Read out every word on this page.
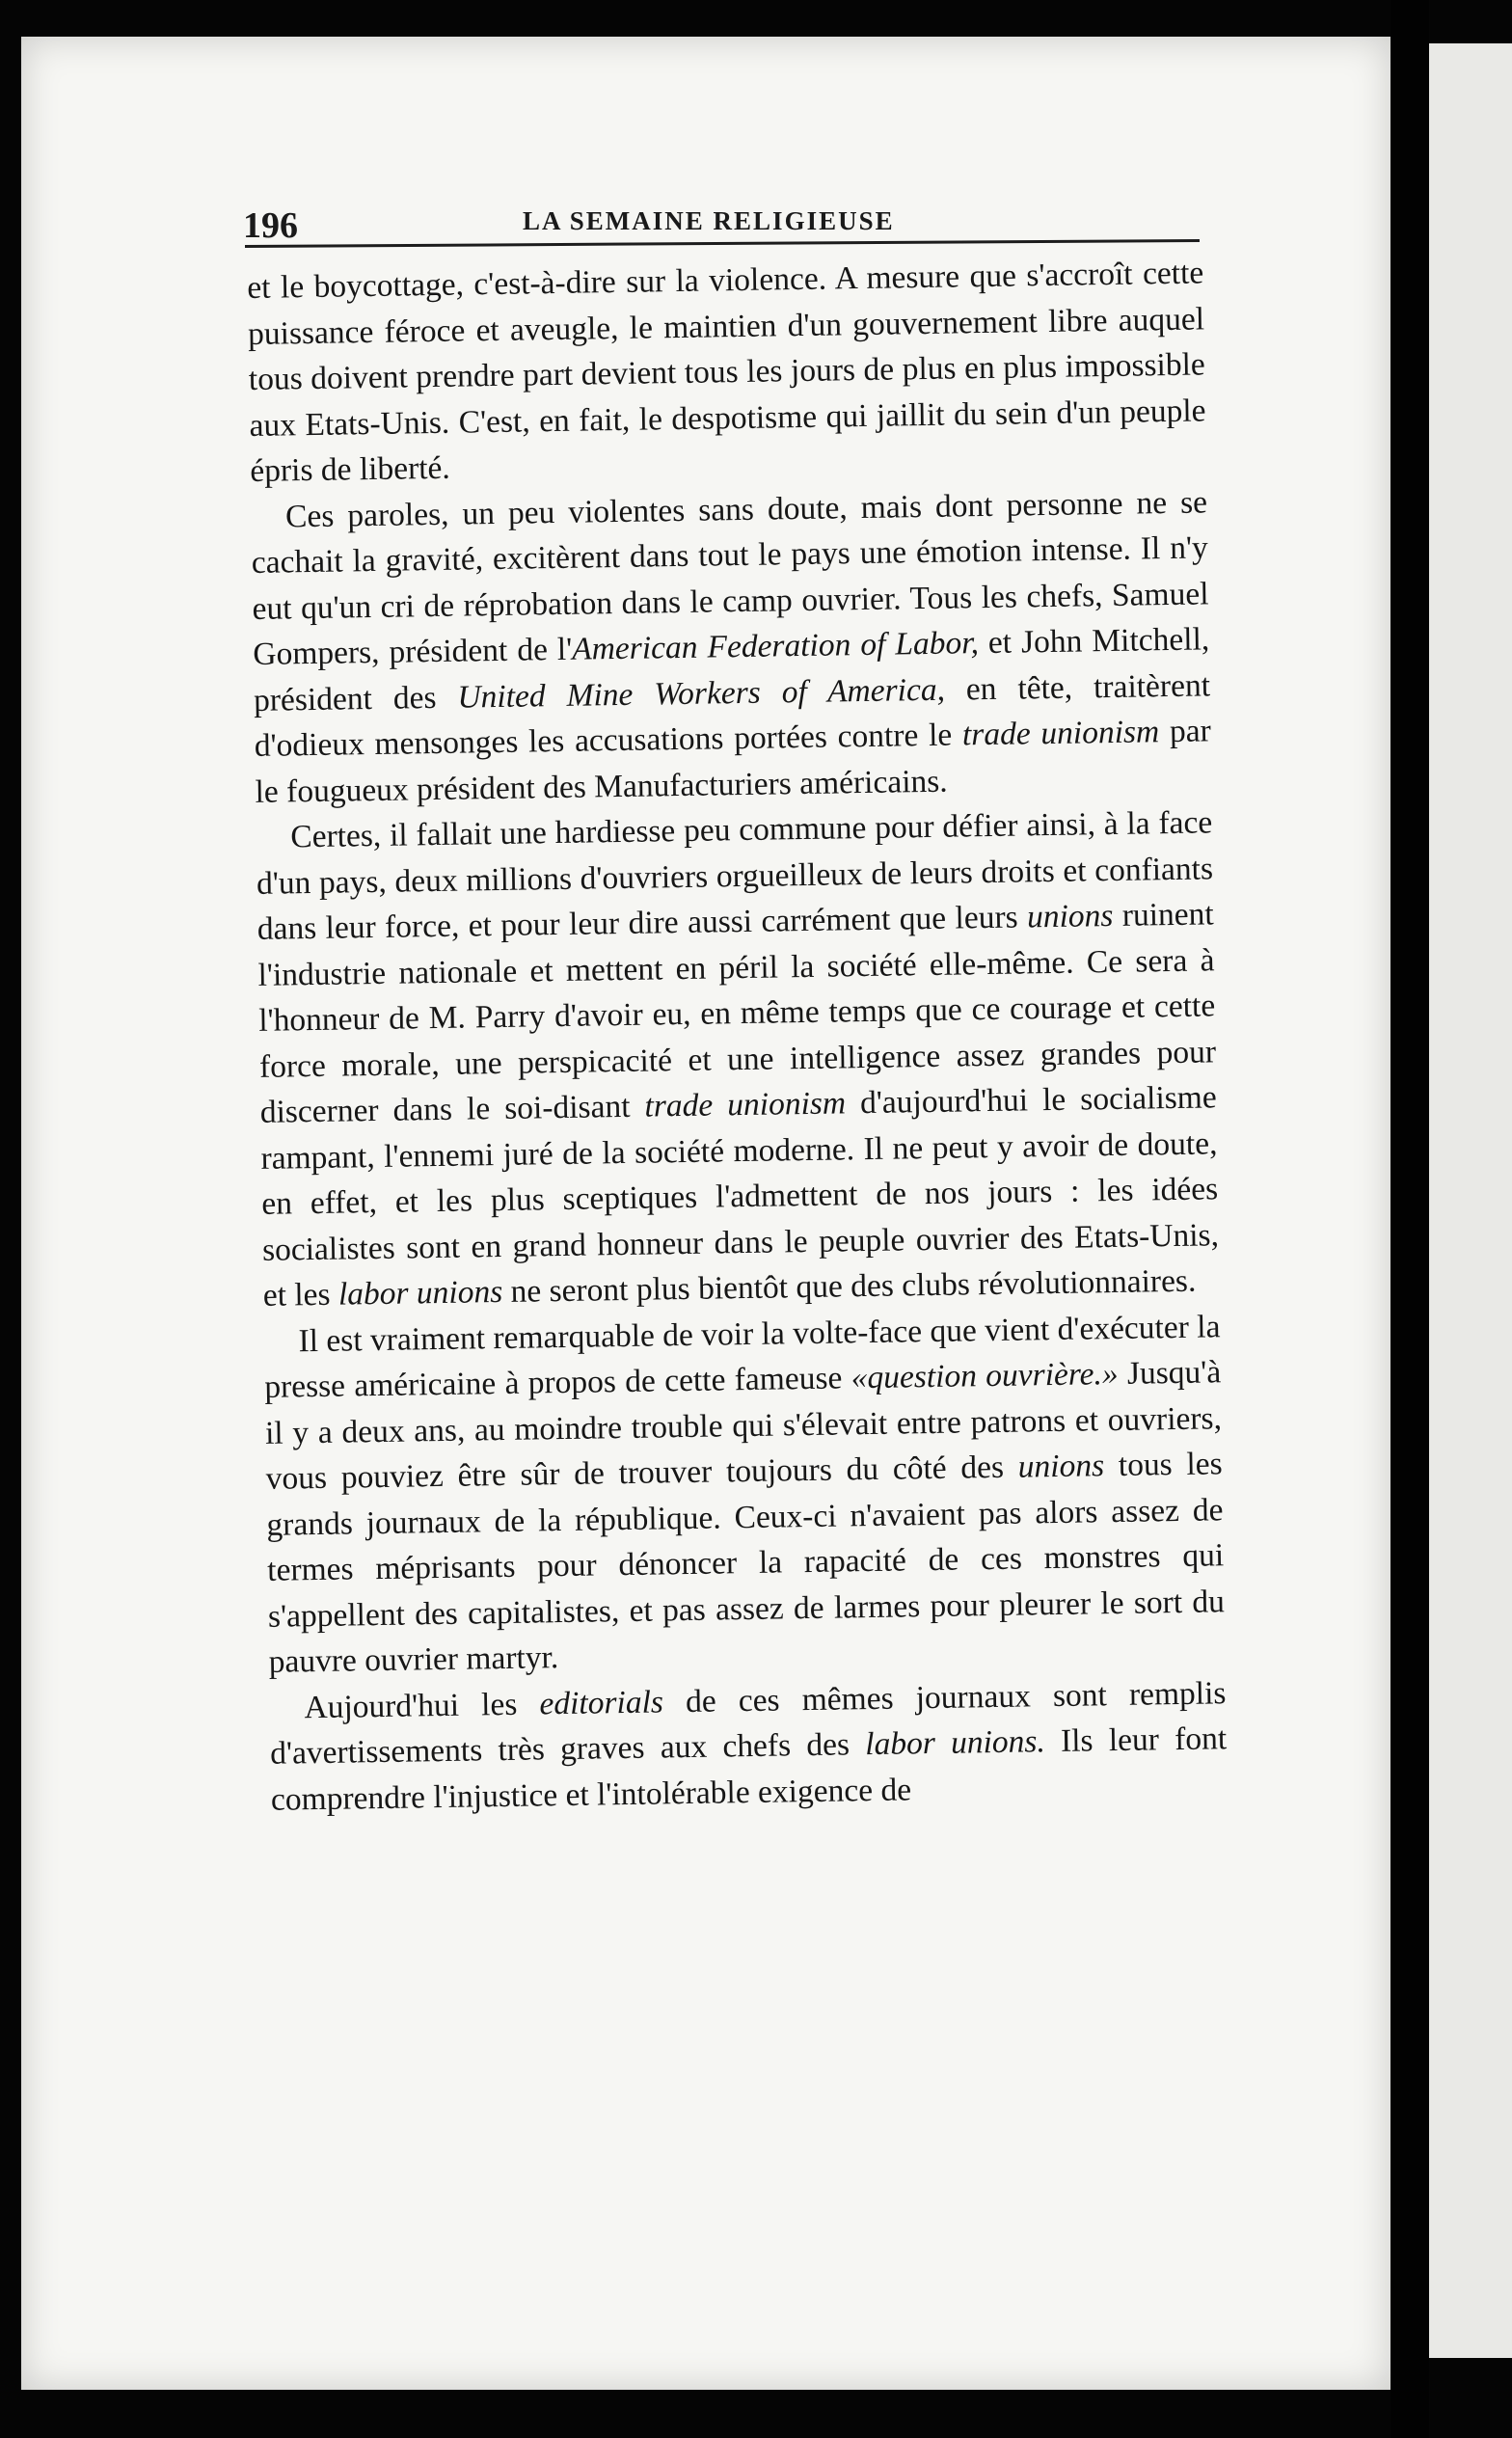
196	LA SEMAINE RELIGIEUSE

et le boycottage, c'est-à-dire sur la violence. A mesure que s'accroît cette puissance féroce et aveugle, le maintien d'un gouvernement libre auquel tous doivent prendre part devient tous les jours de plus en plus impossible aux Etats-Unis. C'est, en fait, le despotisme qui jaillit du sein d'un peuple épris de liberté.

Ces paroles, un peu violentes sans doute, mais dont personne ne se cachait la gravité, excitèrent dans tout le pays une émotion intense. Il n'y eut qu'un cri de réprobation dans le camp ouvrier. Tous les chefs, Samuel Gompers, président de l'American Federation of Labor, et John Mitchell, président des United Mine Workers of America, en tête, traitèrent d'odieux mensonges les accusations portées contre le trade unionism par le fougueux président des Manufacturiers américains.

Certes, il fallait une hardiesse peu commune pour défier ainsi, à la face d'un pays, deux millions d'ouvriers orgueilleux de leurs droits et confiants dans leur force, et pour leur dire aussi carrément que leurs unions ruinent l'industrie nationale et mettent en péril la société elle-même. Ce sera à l'honneur de M. Parry d'avoir eu, en même temps que ce courage et cette force morale, une perspicacité et une intelligence assez grandes pour discerner dans le soi-disant trade unionism d'aujourd'hui le socialisme rampant, l'ennemi juré de la société moderne. Il ne peut y avoir de doute, en effet, et les plus sceptiques l'admettent de nos jours : les idées socialistes sont en grand honneur dans le peuple ouvrier des Etats-Unis, et les labor unions ne seront plus bientôt que des clubs révolutionnaires.

Il est vraiment remarquable de voir la volte-face que vient d'exécuter la presse américaine à propos de cette fameuse «question ouvrière.» Jusqu'à il y a deux ans, au moindre trouble qui s'élevait entre patrons et ouvriers, vous pouviez être sûr de trouver toujours du côté des unions tous les grands journaux de la république. Ceux-ci n'avaient pas alors assez de termes méprisants pour dénoncer la rapacité de ces monstres qui s'appellent des capitalistes, et pas assez de larmes pour pleurer le sort du pauvre ouvrier martyr.

Aujourd'hui les editorials de ces mêmes journaux sont remplis d'avertissements très graves aux chefs des labor unions. Ils leur font comprendre l'injustice et l'intolérable exigence de
